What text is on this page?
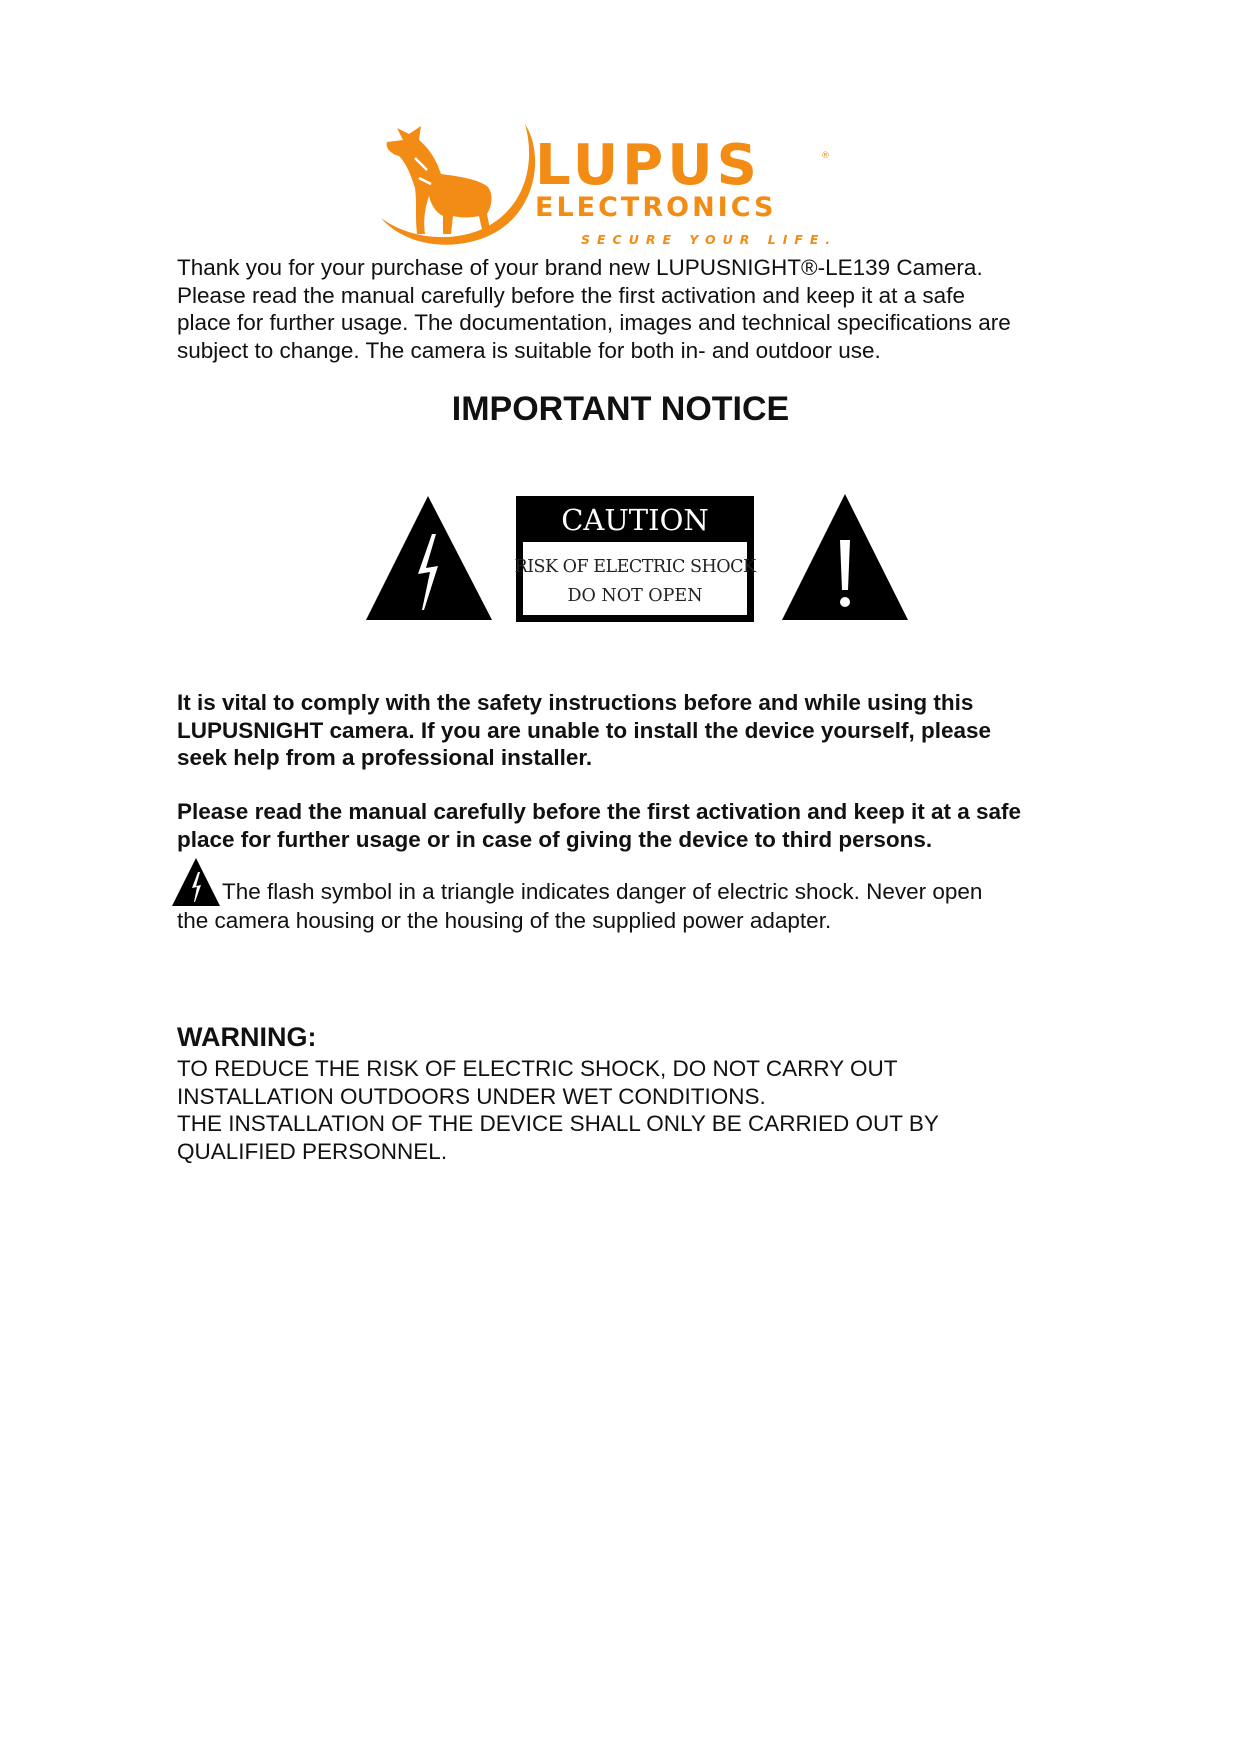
LUPUS	®
ELECTRONICS
SECURE YOUR LIFE.

Thank you for your purchase of your brand new LUPUSNIGHT®-LE139 Camera.
Please read the manual carefully before the first activation and keep it at a safe
place for further usage. The documentation, images and technical specifications are
subject to change. The camera is suitable for both in- and outdoor use.

IMPORTANT NOTICE
CAUTION
RISK OF ELECTRIC SHOCK
DO NOT OPEN

It is vital to comply with the safety instructions before and while using this
LUPUSNIGHT camera. If you are unable to install the device yourself, please
seek help from a professional installer.

Please read the manual carefully before the first activation and keep it at a safe
place for further usage or in case of giving the device to third persons.

The flash symbol in a triangle indicates danger of electric shock. Never open
the camera housing or the housing of the supplied power adapter.
WARNING:

TO REDUCE THE RISK OF ELECTRIC SHOCK, DO NOT CARRY OUT
INSTALLATION OUTDOORS UNDER WET CONDITIONS.
THE INSTALLATION OF THE DEVICE SHALL ONLY BE CARRIED OUT BY
QUALIFIED PERSONNEL.
